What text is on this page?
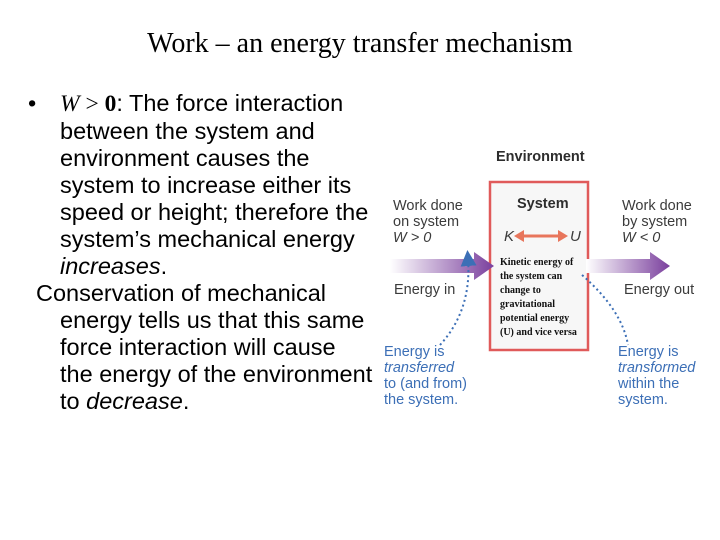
Work – an energy transfer mechanism

• W > 0: The force interaction between the system and environment causes the system to increase either its speed or height; therefore the system’s mechanical energy increases.

Conservation of mechanical energy tells us that this same force interaction will cause the energy of the environment to decrease.

Environment
System
K	U
Work done
on system
W > 0
Work done
by system
W < 0
Energy in	Energy out
Kinetic energy of the system can change to gravitational potential energy (U) and vice versa
Energy is
transferred
to (and from)
the system.
Energy is
transformed
within the
system.
